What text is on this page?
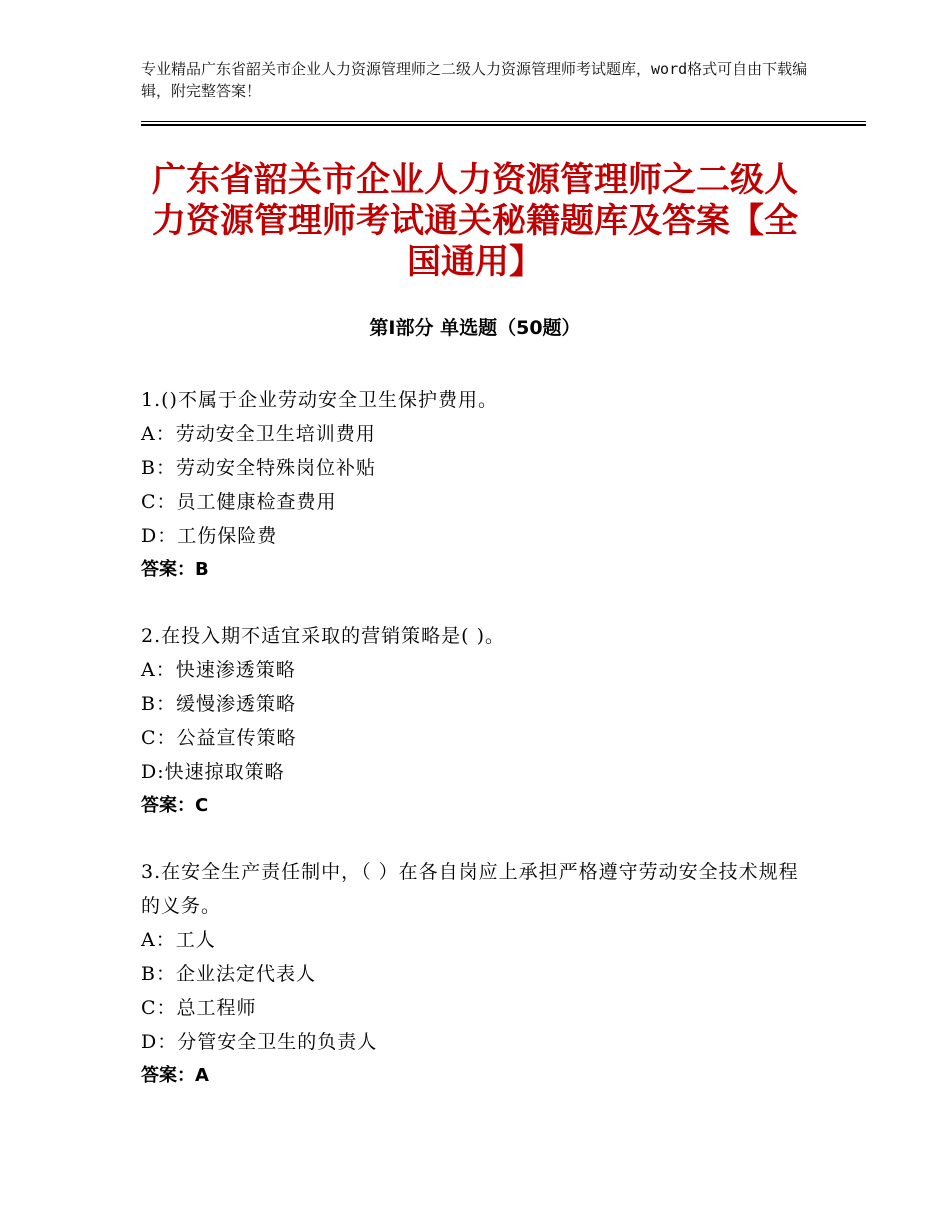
专业精品广东省韶关市企业人力资源管理师之二级人力资源管理师考试题库，word格式可自由下载编辑，附完整答案！
广东省韶关市企业人力资源管理师之二级人力资源管理师考试通关秘籍题库及答案【全国通用】
第Ⅰ部分 单选题（50题）
1.()不属于企业劳动安全卫生保护费用。
A：劳动安全卫生培训费用
B：劳动安全特殊岗位补贴
C：员工健康检查费用
D：工伤保险费
答案：B
2.在投入期不适宜采取的营销策略是( )。
A：快速渗透策略
B：缓慢渗透策略
C：公益宣传策略
D:快速掠取策略
答案：C
3.在安全生产责任制中，（ ）在各自岗应上承担严格遵守劳动安全技术规程的义务。
A：工人
B：企业法定代表人
C：总工程师
D：分管安全卫生的负责人
答案：A
